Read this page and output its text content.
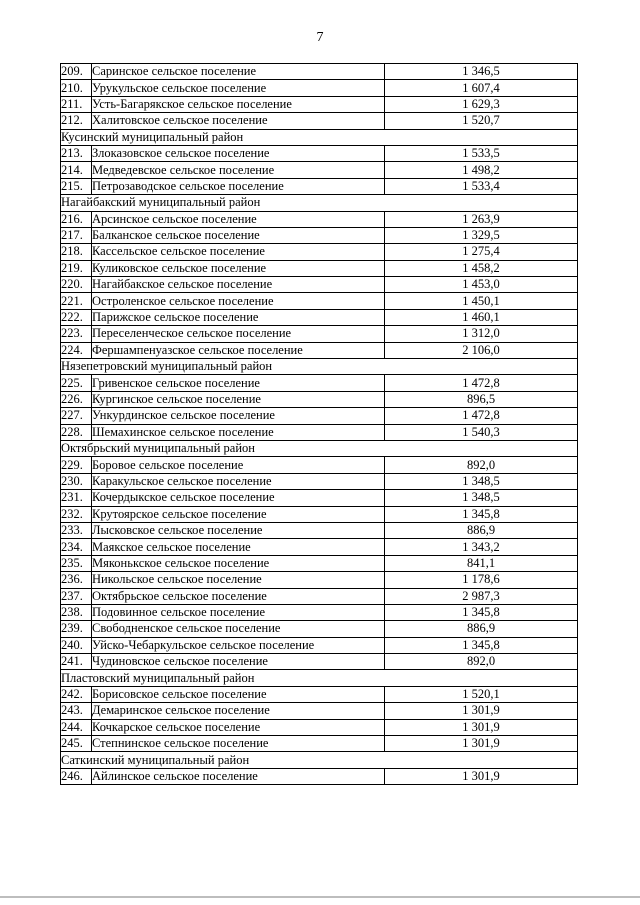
7
209.	Саринское сельское поселение	1 346,5
210.	Урукульское сельское поселение	1 607,4
211.	Усть-Багарякское сельское поселение	1 629,3
212.	Халитовское сельское поселение	1 520,7
Кусинский муниципальный район		
213.	Злоказовское сельское поселение	1 533,5
214.	Медведевское сельское поселение	1 498,2
215.	Петрозаводское сельское поселение	1 533,4
Нагайбакский муниципальный район		
216.	Арсинское сельское поселение	1 263,9
217.	Балканское сельское поселение	1 329,5
218.	Кассельское сельское поселение	1 275,4
219.	Куликовское сельское поселение	1 458,2
220.	Нагайбакское сельское поселение	1 453,0
221.	Остроленское сельское поселение	1 450,1
222.	Парижское сельское поселение	1 460,1
223.	Переселенческое сельское поселение	1 312,0
224.	Фершампенуазское сельское поселение	2 106,0
Нязепетровский муниципальный район		
225.	Гривенское сельское поселение	1 472,8
226.	Кургинское сельское поселение	896,5
227.	Ункурдинское сельское поселение	1 472,8
228.	Шемахинское сельское поселение	1 540,3
Октябрьский муниципальный район		
229.	Боровое сельское поселение	892,0
230.	Каракульское сельское поселение	1 348,5
231.	Кочердыкское сельское поселение	1 348,5
232.	Крутоярское сельское поселение	1 345,8
233.	Лысковское сельское поселение	886,9
234.	Маякское сельское поселение	1 343,2
235.	Мяконькское сельское поселение	841,1
236.	Никольское сельское поселение	1 178,6
237.	Октябрьское сельское поселение	2 987,3
238.	Подовинное сельское поселение	1 345,8
239.	Свободненское сельское поселение	886,9
240.	Уйско-Чебаркульское сельское поселение	1 345,8
241.	Чудиновское сельское поселение	892,0
Пластовский муниципальный район		
242.	Борисовское сельское поселение	1 520,1
243.	Демаринское сельское поселение	1 301,9
244.	Кочкарское сельское поселение	1 301,9
245.	Степнинское сельское поселение	1 301,9
Саткинский муниципальный район		
246.	Айлинское сельское поселение	1 301,9
